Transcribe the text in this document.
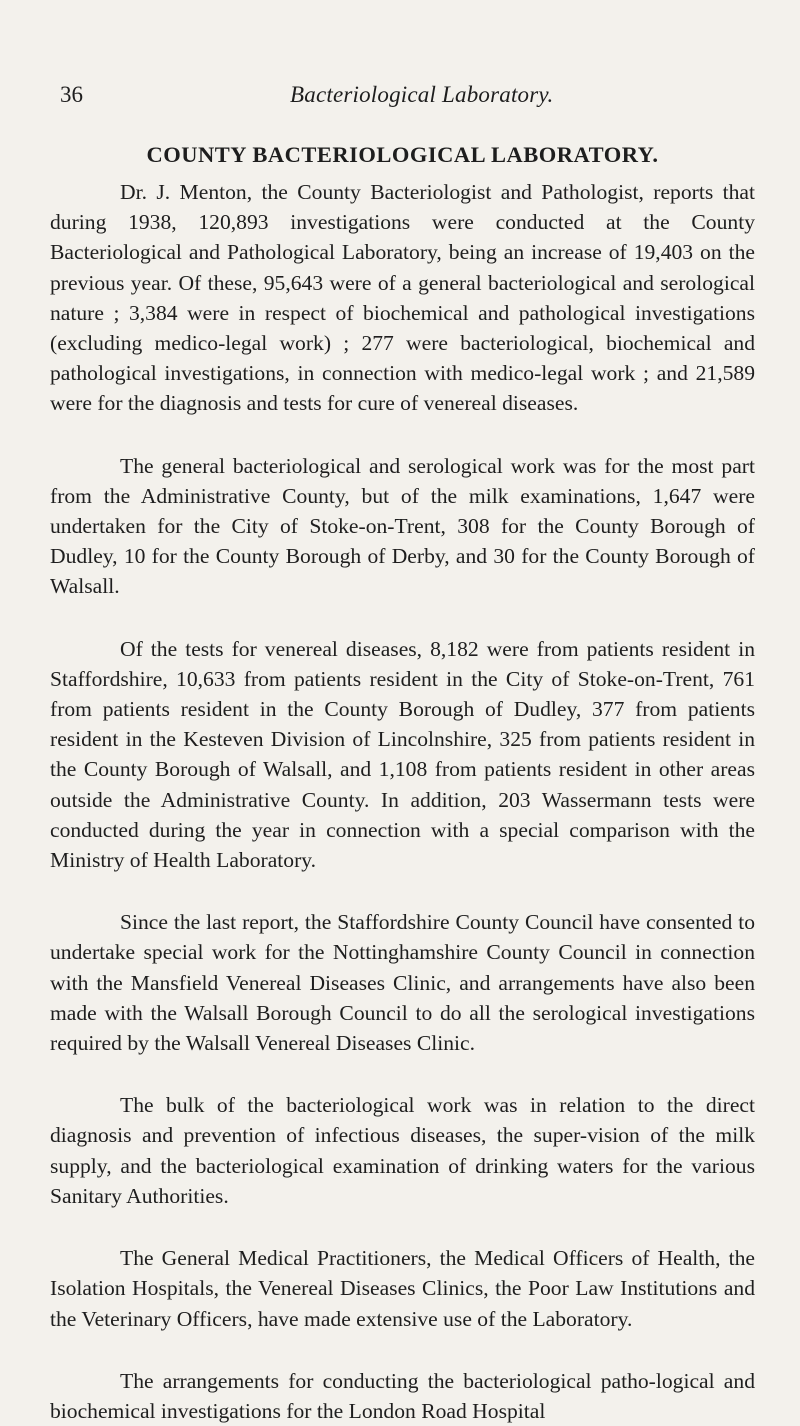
36	Bacteriological Laboratory.
COUNTY BACTERIOLOGICAL LABORATORY.

Dr. J. Menton, the County Bacteriologist and Pathologist, reports that during 1938, 120,893 investigations were conducted at the County Bacteriological and Pathological Laboratory, being an increase of 19,403 on the previous year. Of these, 95,643 were of a general bacteriological and serological nature ; 3,384 were in respect of biochemical and pathological investigations (excluding medico-legal work) ; 277 were bacteriological, biochemical and pathological investigations, in connection with medico-legal work ; and 21,589 were for the diagnosis and tests for cure of venereal diseases.

The general bacteriological and serological work was for the most part from the Administrative County, but of the milk examinations, 1,647 were undertaken for the City of Stoke-on-Trent, 308 for the County Borough of Dudley, 10 for the County Borough of Derby, and 30 for the County Borough of Walsall.

Of the tests for venereal diseases, 8,182 were from patients resident in Staffordshire, 10,633 from patients resident in the City of Stoke-on-Trent, 761 from patients resident in the County Borough of Dudley, 377 from patients resident in the Kesteven Division of Lincolnshire, 325 from patients resident in the County Borough of Walsall, and 1,108 from patients resident in other areas outside the Administrative County. In addition, 203 Wassermann tests were conducted during the year in connection with a special comparison with the Ministry of Health Laboratory.

Since the last report, the Staffordshire County Council have consented to undertake special work for the Nottinghamshire County Council in connection with the Mansfield Venereal Diseases Clinic, and arrangements have also been made with the Walsall Borough Council to do all the serological investigations required by the Walsall Venereal Diseases Clinic.

The bulk of the bacteriological work was in relation to the direct diagnosis and prevention of infectious diseases, the super-vision of the milk supply, and the bacteriological examination of drinking waters for the various Sanitary Authorities.

The General Medical Practitioners, the Medical Officers of Health, the Isolation Hospitals, the Venereal Diseases Clinics, the Poor Law Institutions and the Veterinary Officers, have made extensive use of the Laboratory.

The arrangements for conducting the bacteriological patho-logical and biochemical investigations for the London Road Hospital
